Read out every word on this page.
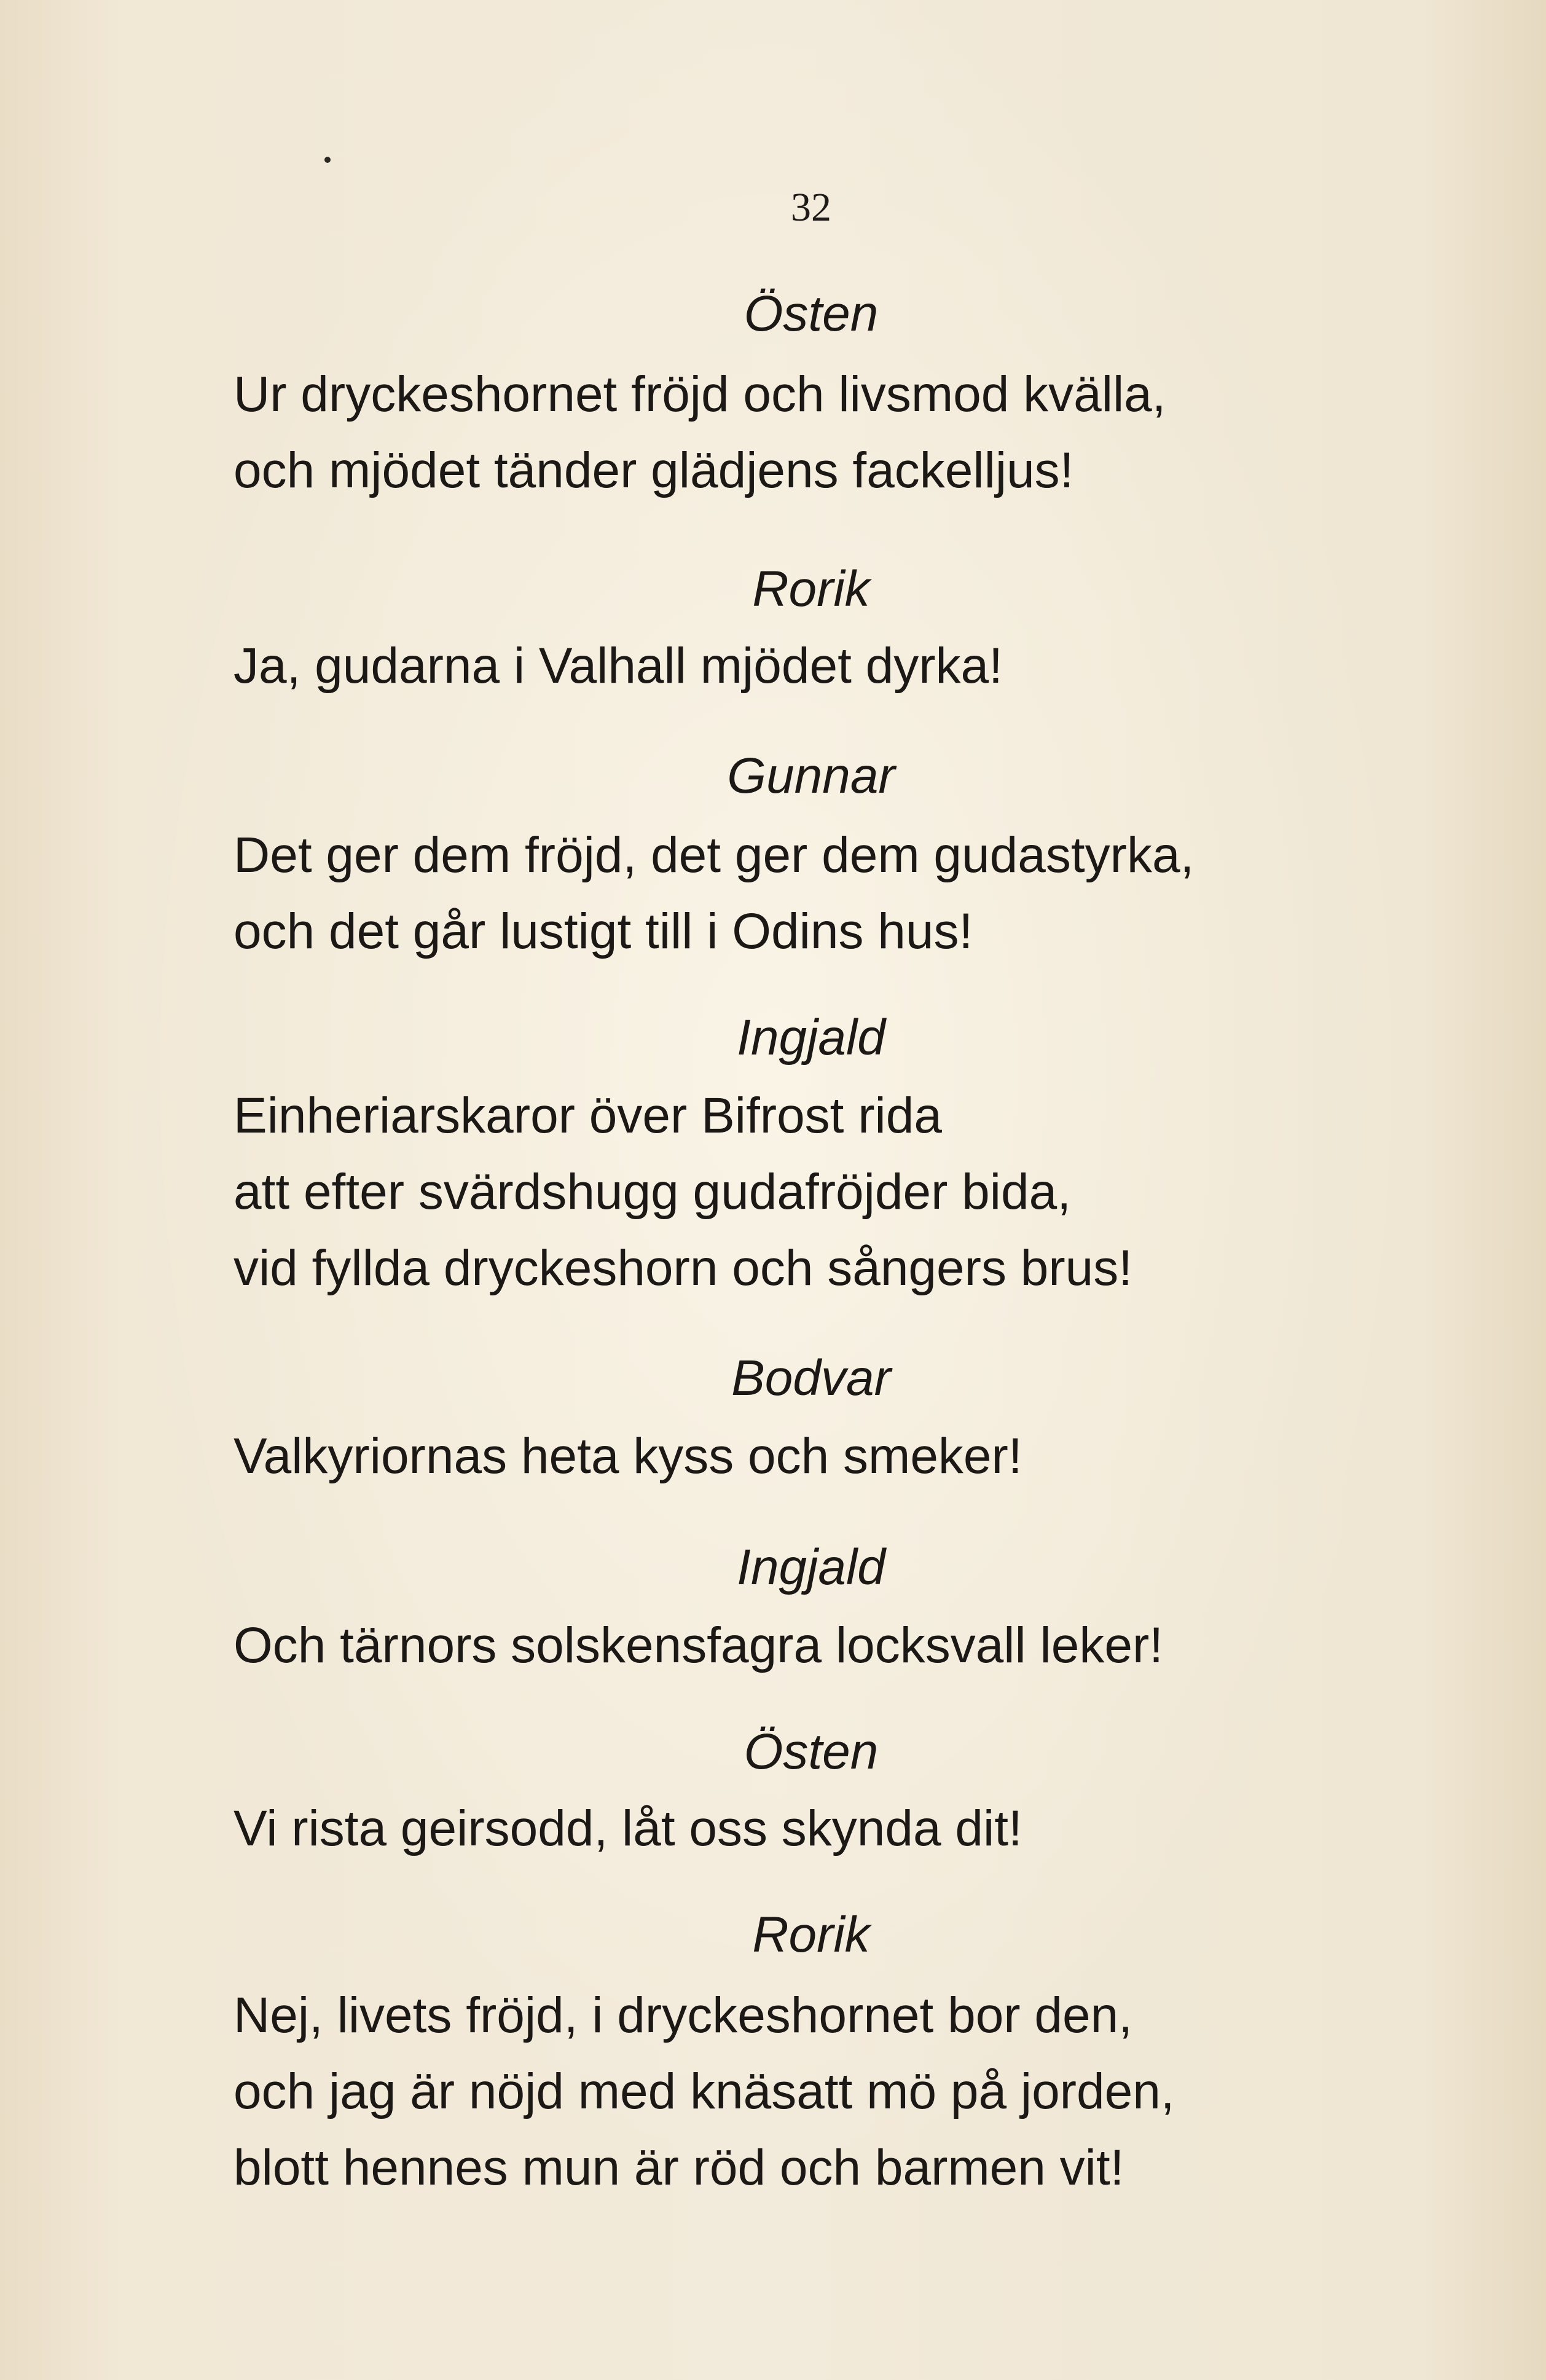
32
Östen
Ur dryckeshornet fröjd och livsmod kvälla,
och mjödet tänder glädjens fackelljus!
Rorik
Ja, gudarna i Valhall mjödet dyrka!
Gunnar
Det ger dem fröjd, det ger dem gudastyrka,
och det går lustigt till i Odins hus!
Ingjald
Einheriarskaror över Bifrost rida
att efter svärdshugg gudafröjder bida,
vid fyllda dryckeshorn och sångers brus!
Bodvar
Valkyriornas heta kyss och smeker!
Ingjald
Och tärnors solskensfagra locksvall leker!
Östen
Vi rista geirsodd, låt oss skynda dit!
Rorik
Nej, livets fröjd, i dryckeshornet bor den,
och jag är nöjd med knäsatt mö på jorden,
blott hennes mun är röd och barmen vit!
